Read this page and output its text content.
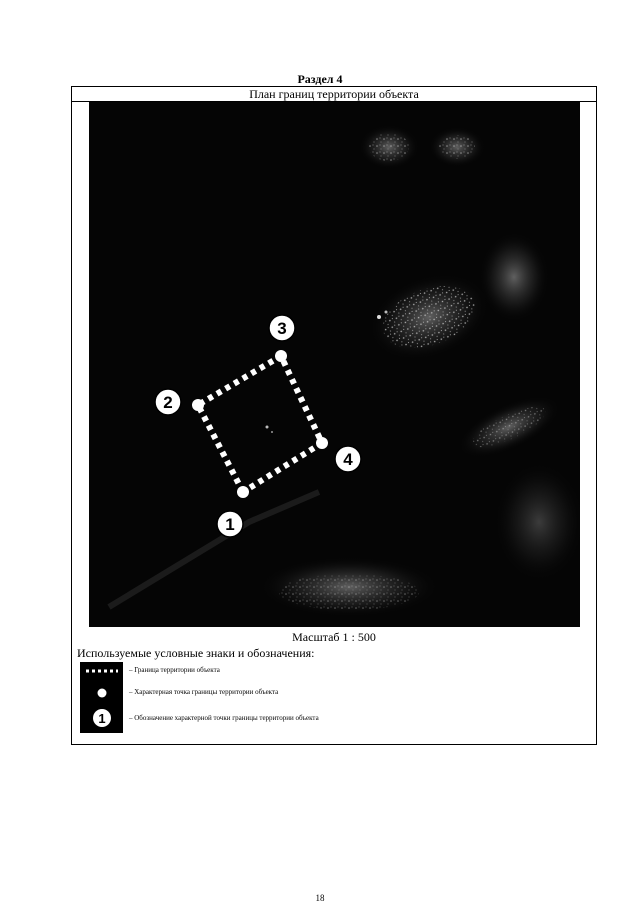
Раздел 4
План границ территории объекта
1
2
3
4
Масштаб 1 : 500
Используемые условные знаки и обозначения:
1
– Граница территории объекта
– Характерная точка границы территории объекта
– Обозначение характерной точки границы территории объекта
18
